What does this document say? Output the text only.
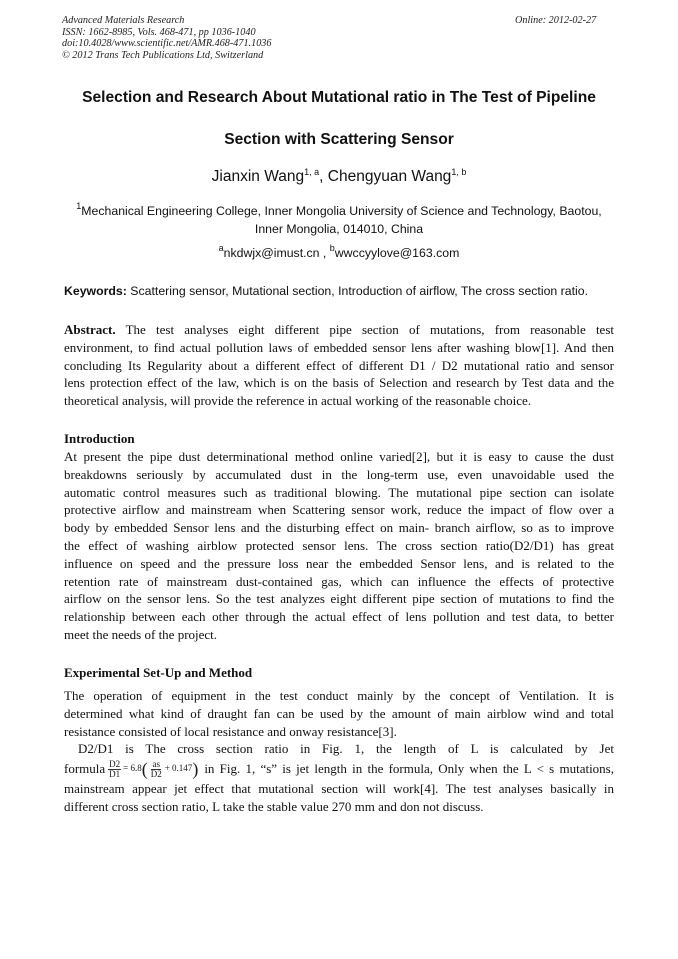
Advanced Materials Research
ISSN: 1662-8985, Vols. 468-471, pp 1036-1040
doi:10.4028/www.scientific.net/AMR.468-471.1036
© 2012 Trans Tech Publications Ltd, Switzerland
Online: 2012-02-27
Selection and Research About Mutational ratio in The Test of Pipeline
Section with Scattering Sensor
Jianxin Wang$^{1, a}$, Chengyuan Wang$^{1, b}$
$^1$Mechanical Engineering College, Inner Mongolia University of Science and Technology, Baotou,
Inner Mongolia, 014010, China
$^a$nkdwjx@imust.cn , $^b$wwccyylove@163.com
Keywords: Scattering sensor, Mutational section, Introduction of airflow, The cross section ratio.
Abstract. The test analyses eight different pipe section of mutations, from reasonable test
environment, to find actual pollution laws of embedded sensor lens after washing blow[1]. And then
concluding Its Regularity about a different effect of different D1 / D2 mutational ratio and sensor
lens protection effect of the law, which is on the basis of Selection and research by Test data and the
theoretical analysis, will provide the reference in actual working of the reasonable choice.
Introduction
At present the pipe dust determinational method online varied[2], but it is easy to cause the dust
breakdowns seriously by accumulated dust in the long-term use, even unavoidable used the
automatic control measures such as traditional blowing. The mutational pipe section can isolate
protective airflow and mainstream when Scattering sensor work, reduce the impact of flow over a
body by embedded Sensor lens and the disturbing effect on main- branch airflow, so as to improve
the effect of washing airblow protected sensor lens. The cross section ratio(D2/D1) has great
influence on speed and the pressure loss near the embedded Sensor lens, and is related to the
retention rate of mainstream dust-contained gas, which can influence the effects of protective
airflow on the sensor lens. So the test analyzes eight different pipe section of mutations to find the
relationship between each other through the actual effect of lens pollution and test data, to better
meet the needs of the project.
Experimental Set-Up and Method
The operation of equipment in the test conduct mainly by the concept of Ventilation. It is
determined what kind of draught fan can be used by the amount of main airblow wind and total
resistance consisted of local resistance and onway resistance[3].
D2/D1 is The cross section ratio in Fig. 1, the length of L is calculated by Jet
formula $\frac{D2}{D1} = 6.8$ ( $\frac{as}{D2} + 0.147$ ) in Fig. 1, “s” is jet length in the formula, Only when the L < s mutations,
mainstream appear jet effect that mutational section will work[4]. The test analyses basically in
different cross section ratio, L take the stable value 270 mm and don not discuss.
